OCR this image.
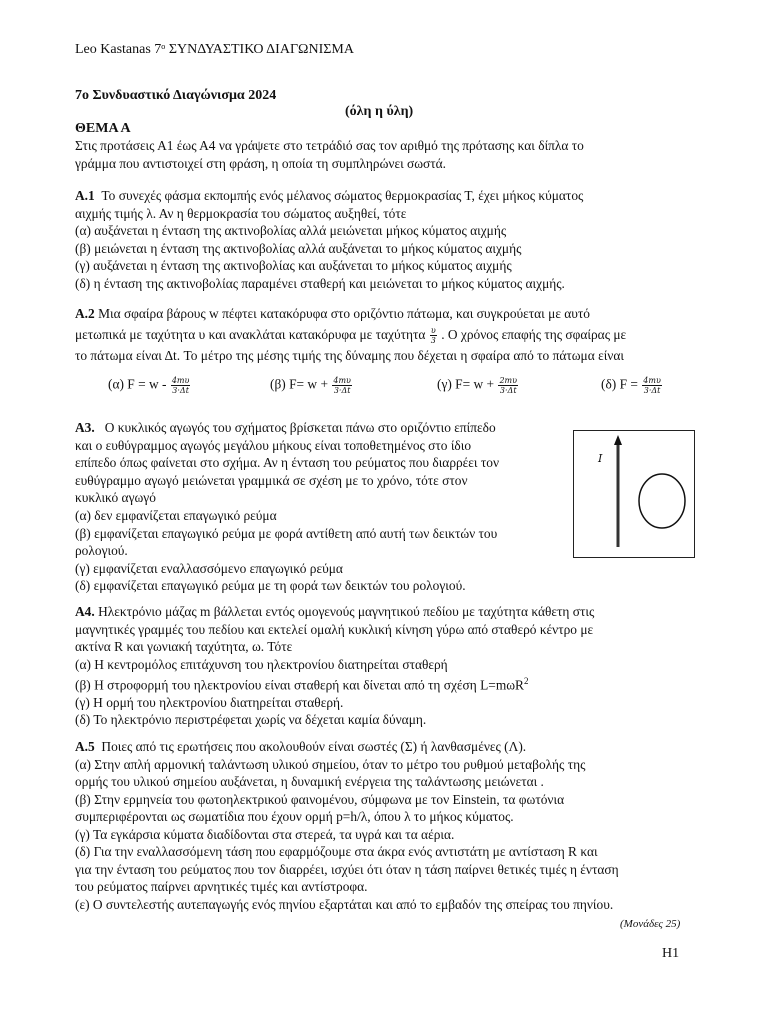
Leo Kastanas 7ᵒ ΣΥΝΔΥΑΣΤΙΚΟ ΔΙΑΓΩΝΙΣΜΑ
7ο Συνδυαστικό Διαγώνισμα 2024
(όλη η ύλη)
ΘΕΜΑ Α
Στις προτάσεις Α1 έως Α4 να γράψετε στο τετράδιό σας τον αριθμό της πρότασης και δίπλα το
γράμμα που αντιστοιχεί στη φράση, η οποία τη συμπληρώνει σωστά.
Α.1 Το συνεχές φάσμα εκπομπής ενός μέλανος σώματος θερμοκρασίας Τ, έχει μήκος κύματος
αιχμής τιμής λ. Αν η θερμοκρασία του σώματος αυξηθεί, τότε
(α) αυξάνεται η ένταση της ακτινοβολίας αλλά μειώνεται μήκος κύματος αιχμής
(β) μειώνεται η ένταση της ακτινοβολίας αλλά αυξάνεται το μήκος κύματος αιχμής
(γ) αυξάνεται η ένταση της ακτινοβολίας και αυξάνεται το μήκος κύματος αιχμής
(δ) η ένταση της ακτινοβολίας παραμένει σταθερή και μειώνεται το μήκος κύματος αιχμής.
Α.2 Μια σφαίρα βάρους w πέφτει κατακόρυφα στο οριζόντιο πάτωμα, και συγκρούεται με αυτό
μετωπικά με ταχύτητα υ και ανακλάται κατακόρυφα με ταχύτητα $\frac{\upsilon}{3}$ . Ο χρόνος επαφής της σφαίρας με
το πάτωμα είναι Δt. Το μέτρο της μέσης τιμής της δύναμης που δέχεται η σφαίρα από το πάτωμα είναι
(α) $F = w - \frac{4m\upsilon}{3\cdot\Delta t}$	(β) $F= w + \frac{4m\upsilon}{3\cdot\Delta t}$	(γ) $F= w + \frac{2m\upsilon}{3\cdot\Delta t}$	(δ) $F = \frac{4m\upsilon}{3\cdot\Delta t}$
Α3. Ο κυκλικός αγωγός του σχήματος βρίσκεται πάνω στο οριζόντιο επίπεδο
και ο ευθύγραμμος αγωγός μεγάλου μήκους είναι τοποθετημένος στο ίδιο
επίπεδο όπως φαίνεται στο σχήμα. Αν η ένταση του ρεύματος που διαρρέει τον
ευθύγραμμο αγωγό μειώνεται γραμμικά σε σχέση με το χρόνο, τότε στον
κυκλικό αγωγό
(α) δεν εμφανίζεται επαγωγικό ρεύμα
(β) εμφανίζεται επαγωγικό ρεύμα με φορά αντίθετη από αυτή των δεικτών του
ρολογιού.
(γ) εμφανίζεται εναλλασσόμενο επαγωγικό ρεύμα
(δ) εμφανίζεται επαγωγικό ρεύμα με τη φορά των δεικτών του ρολογιού.
I
Α4. Ηλεκτρόνιο μάζας m βάλλεται εντός ομογενούς μαγνητικού πεδίου με ταχύτητα κάθετη στις
μαγνητικές γραμμές του πεδίου και εκτελεί ομαλή κυκλική κίνηση γύρω από σταθερό κέντρο με
ακτίνα R και γωνιακή ταχύτητα, ω. Τότε
(α) Η κεντρομόλος επιτάχυνση του ηλεκτρονίου διατηρείται σταθερή
(β) Η στροφορμή του ηλεκτρονίου είναι σταθερή και δίνεται από τη σχέση L=mωR$^2$
(γ) Η ορμή του ηλεκτρονίου διατηρείται σταθερή.
(δ) Το ηλεκτρόνιο περιστρέφεται χωρίς να δέχεται καμία δύναμη.
Α.5 Ποιες από τις ερωτήσεις που ακολουθούν είναι σωστές (Σ) ή λανθασμένες (Λ).
(α) Στην απλή αρμονική ταλάντωση υλικού σημείου, όταν το μέτρο του ρυθμού μεταβολής της
ορμής του υλικού σημείου αυξάνεται, η δυναμική ενέργεια της ταλάντωσης μειώνεται .
(β) Στην ερμηνεία του φωτοηλεκτρικού φαινομένου, σύμφωνα με τον Einstein, τα φωτόνια
συμπεριφέρονται ως σωματίδια που έχουν ορμή p=h/λ, όπου λ το μήκος κύματος.
(γ) Τα εγκάρσια κύματα διαδίδονται στα στερεά, τα υγρά και τα αέρια.
(δ) Για την εναλλασσόμενη τάση που εφαρμόζουμε στα άκρα ενός αντιστάτη με αντίσταση R και
για την ένταση του ρεύματος που τον διαρρέει, ισχύει ότι όταν η τάση παίρνει θετικές τιμές η ένταση
του ρεύματος παίρνει αρνητικές τιμές και αντίστροφα.
(ε) Ο συντελεστής αυτεπαγωγής ενός πηνίου εξαρτάται και από το εμβαδόν της σπείρας του πηνίου.
(Μονάδες 25)
H1
